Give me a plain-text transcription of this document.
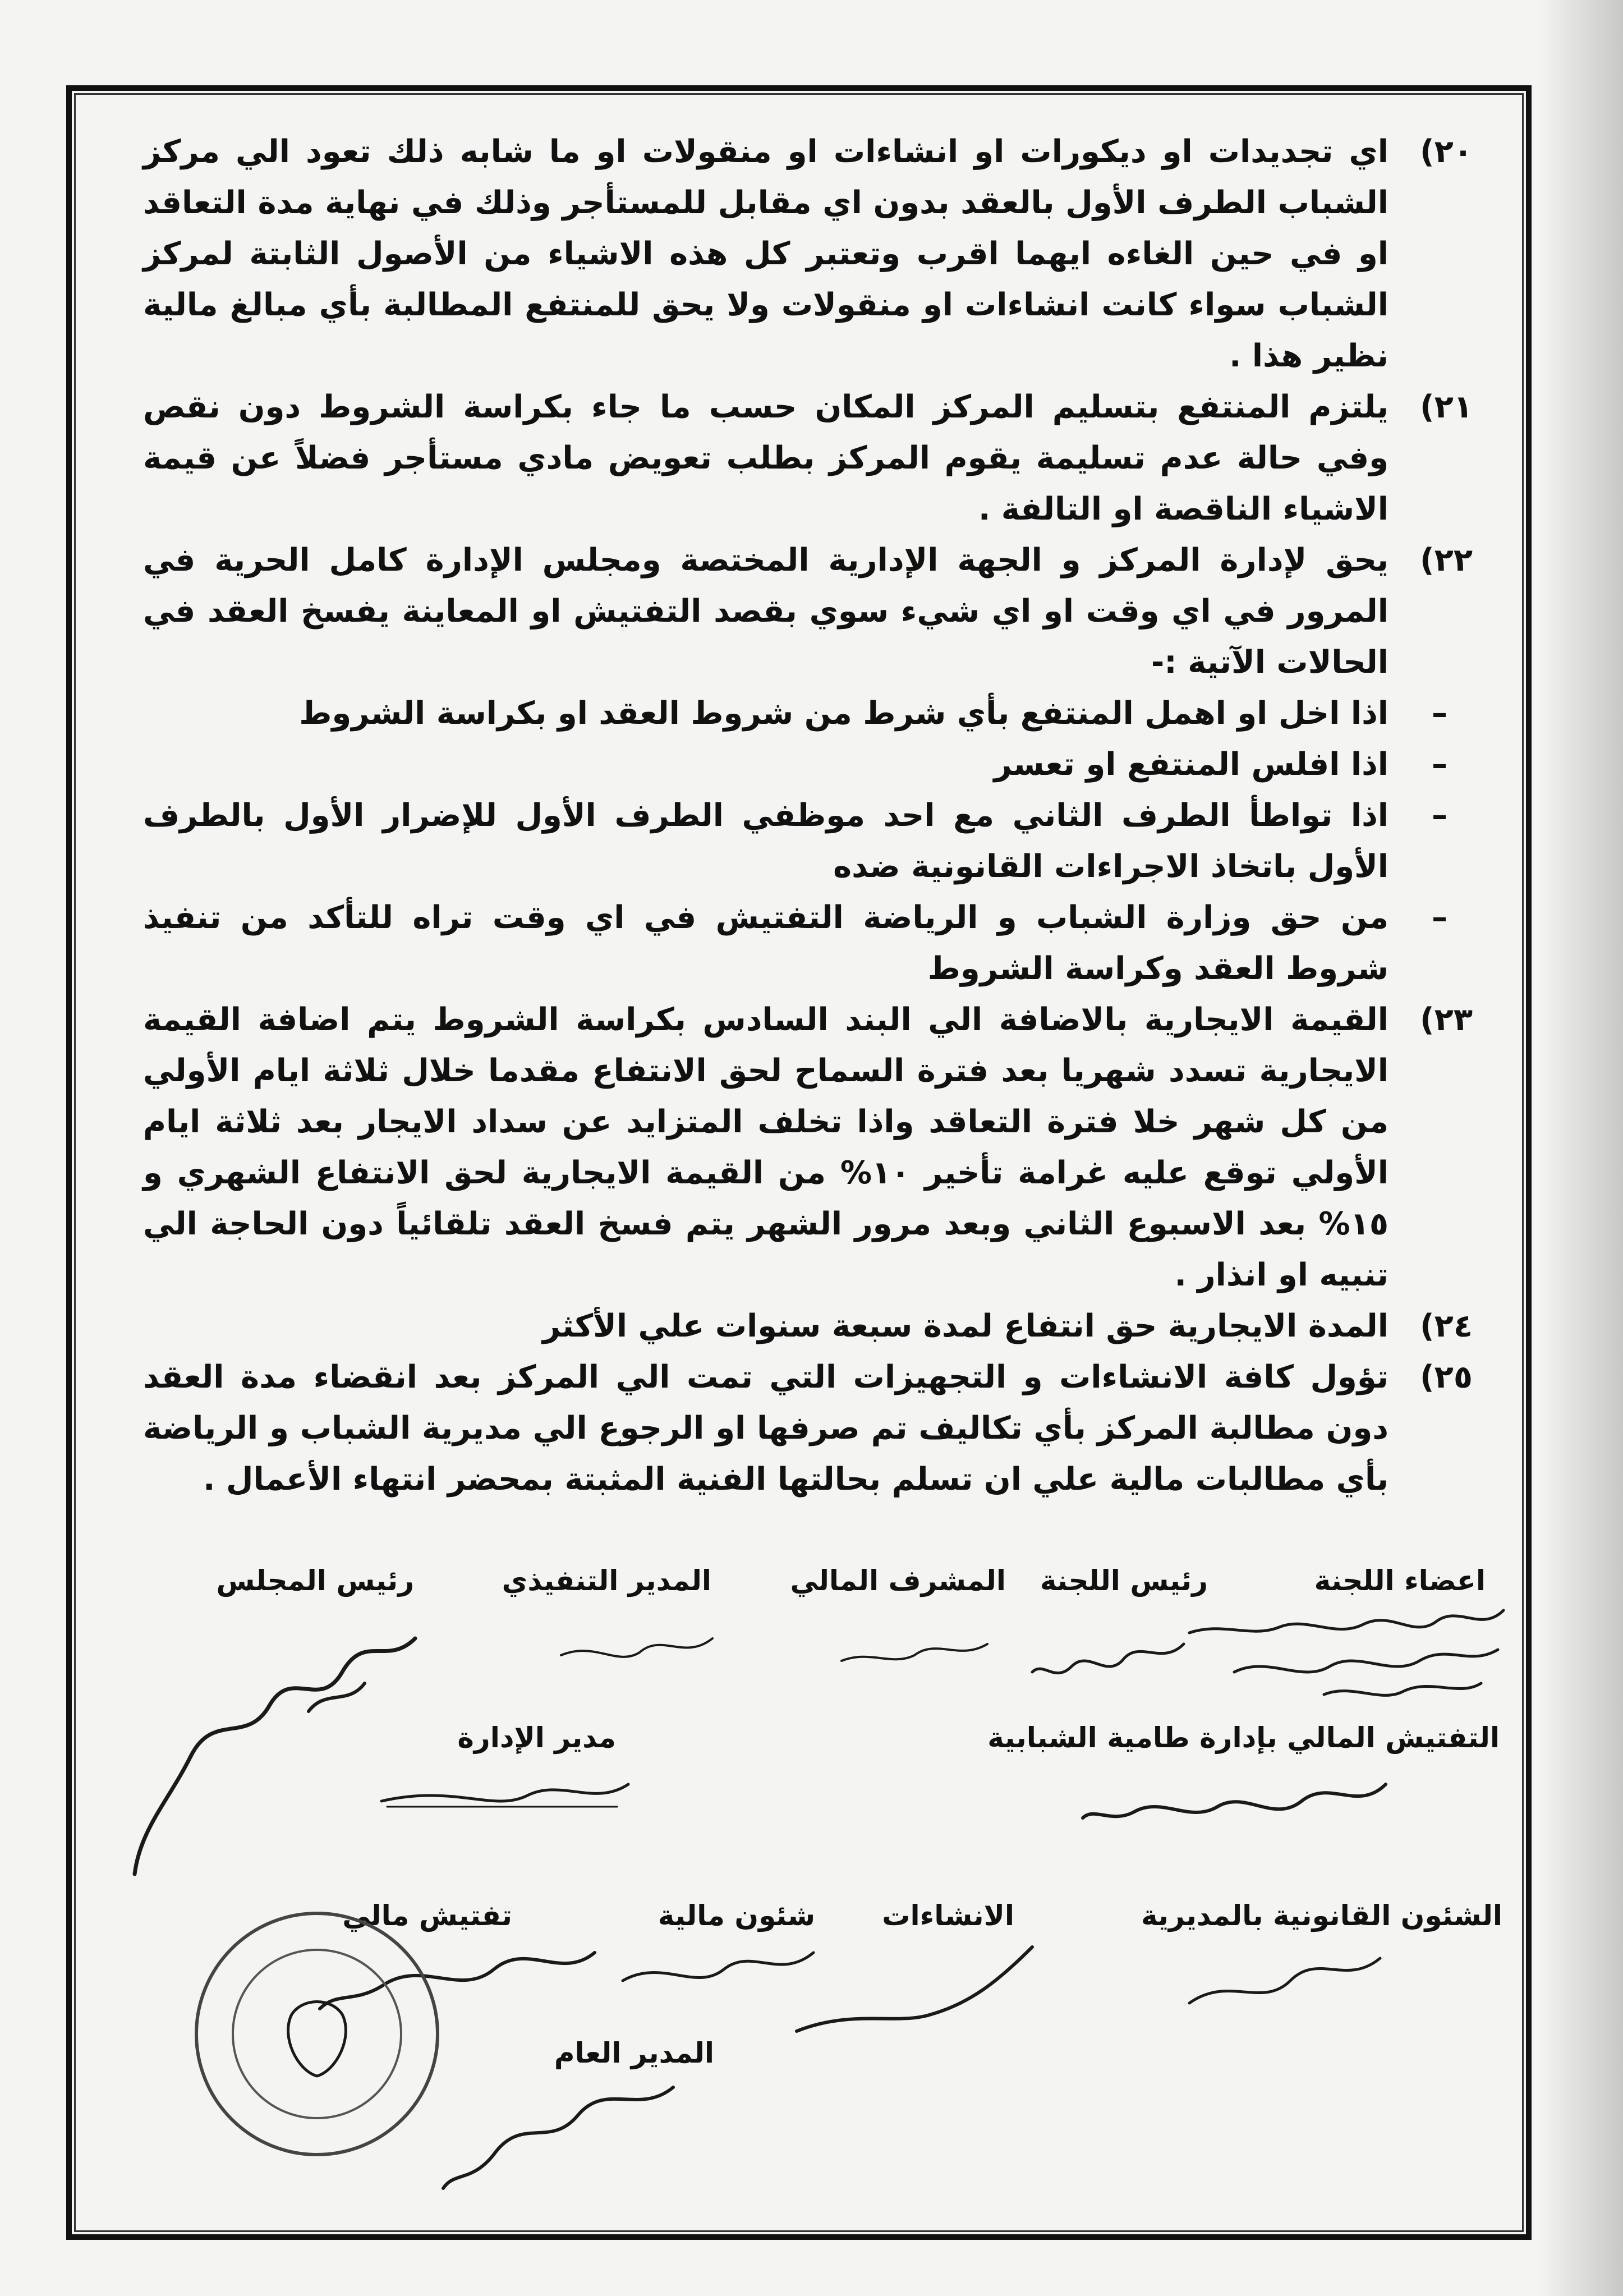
٢٠)
اي تجديدات او ديكورات او انشاءات او منقولات او ما شابه ذلك تعود الي مركز الشباب الطرف الأول بالعقد بدون اي مقابل للمستأجر وذلك في نهاية مدة التعاقد او في حين الغاءه ايهما اقرب وتعتبر كل هذه الاشياء من الأصول الثابتة لمركز الشباب سواء كانت انشاءات او منقولات ولا يحق للمنتفع المطالبة بأي مبالغ مالية نظير هذا .
٢١)
يلتزم المنتفع بتسليم المركز المكان حسب ما جاء بكراسة الشروط دون نقص وفي حالة عدم تسليمة يقوم المركز بطلب تعويض مادي مستأجر فضلاً عن قيمة الاشياء الناقصة او التالفة .
٢٢)
يحق لإدارة المركز و الجهة الإدارية المختصة ومجلس الإدارة كامل الحرية في المرور في اي وقت او اي شيء سوي بقصد التفتيش او المعاينة يفسخ العقد في الحالات الآتية :-
–
اذا اخل او اهمل المنتفع بأي شرط من شروط العقد او بكراسة الشروط
–
اذا افلس المنتفع او تعسر
–
اذا تواطأ الطرف الثاني مع احد موظفي الطرف الأول للإضرار الأول بالطرف الأول باتخاذ الاجراءات القانونية ضده
–
من حق وزارة الشباب و الرياضة التفتيش في اي وقت تراه للتأكد من تنفيذ شروط العقد وكراسة الشروط
٢٣)
القيمة الايجارية بالاضافة الي البند السادس بكراسة الشروط يتم اضافة القيمة الايجارية تسدد شهريا بعد فترة السماح لحق الانتفاع مقدما خلال ثلاثة ايام الأولي من كل شهر خلا فترة التعاقد واذا تخلف المتزايد عن سداد الايجار بعد ثلاثة ايام الأولي توقع عليه غرامة تأخير ١٠% من القيمة الايجارية لحق الانتفاع الشهري و ١٥% بعد الاسبوع الثاني وبعد مرور الشهر يتم فسخ العقد تلقائياً دون الحاجة الي تنبيه او انذار .
٢٤)
المدة الايجارية حق انتفاع لمدة سبعة سنوات علي الأكثر
٢٥)
تؤول كافة الانشاءات و التجهيزات التي تمت الي المركز بعد انقضاء مدة العقد دون مطالبة المركز بأي تكاليف تم صرفها او الرجوع الي مديرية الشباب و الرياضة بأي مطالبات مالية علي ان تسلم بحالتها الفنية المثبتة بمحضر انتهاء الأعمال .
اعضاء اللجنة
رئيس اللجنة
المشرف المالي
المدير التنفيذي
رئيس المجلس
التفتيش المالي بإدارة طامية الشبابية
مدير الإدارة
الشئون القانونية بالمديرية
الانشاءات
شئون مالية
تفتيش مالي
المدير العام
